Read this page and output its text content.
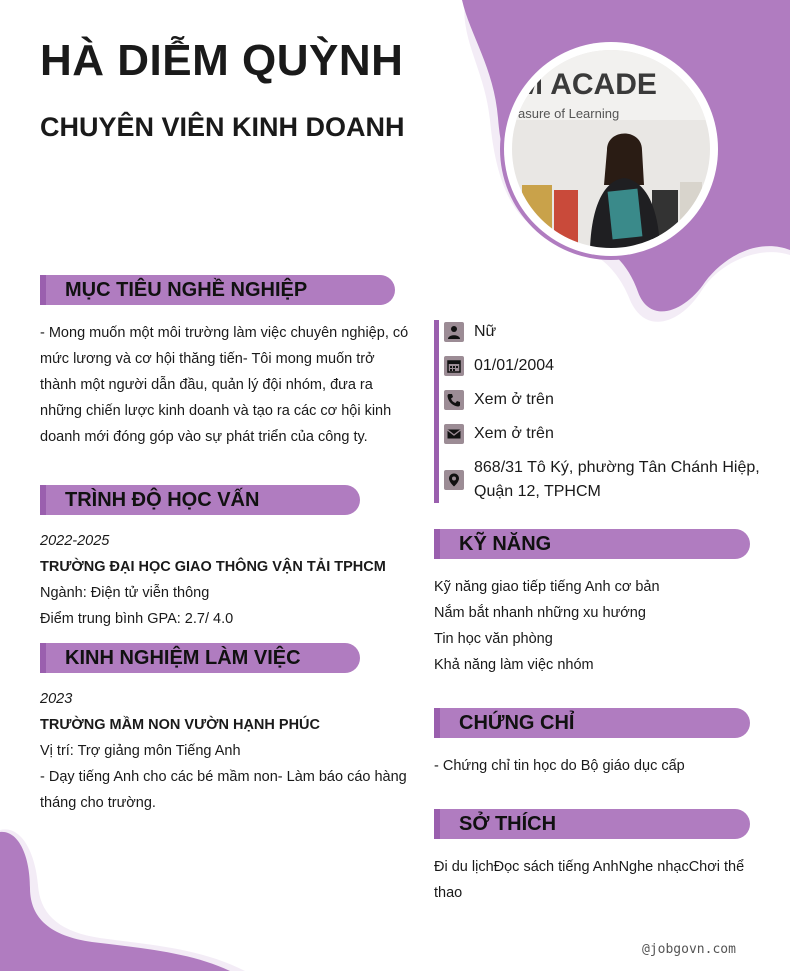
HÀ DIỄM QUỲNH
CHUYÊN VIÊN KINH DOANH
M ACADE
asure of Learning
MỤC TIÊU NGHỀ NGHIỆP
- Mong muốn một môi trường làm việc chuyên nghiệp, có
mức lương và cơ hội thăng tiến- Tôi mong muốn trở
thành một người dẫn đầu, quản lý đội nhóm, đưa ra
những chiến lược kinh doanh và tạo ra các cơ hội kinh
doanh mới đóng góp vào sự phát triển của công ty.
TRÌNH ĐỘ HỌC VẤN
2022-2025
TRƯỜNG ĐẠI HỌC GIAO THÔNG VẬN TẢI TPHCM
Ngành: Điện tử viễn thông
Điểm trung bình GPA: 2.7/ 4.0
KINH NGHIỆM LÀM VIỆC
2023
TRƯỜNG MẦM NON VƯỜN HẠNH PHÚC
Vị trí: Trợ giảng môn Tiếng Anh
- Dạy tiếng Anh cho các bé mầm non- Làm báo cáo hàng
tháng cho trường.
Nữ
01/01/2004
Xem ở trên
Xem ở trên
868/31 Tô Ký, phường Tân Chánh Hiệp,
Quận 12, TPHCM
KỸ NĂNG
Kỹ năng giao tiếp tiếng Anh cơ bản
Nắm bắt nhanh những xu hướng
Tin học văn phòng
Khả năng làm việc nhóm
CHỨNG CHỈ
- Chứng chỉ tin học do Bộ giáo dục cấp
SỞ THÍCH
Đi du lịchĐọc sách tiếng AnhNghe nhạcChơi thể
thao
@jobgovn.com
